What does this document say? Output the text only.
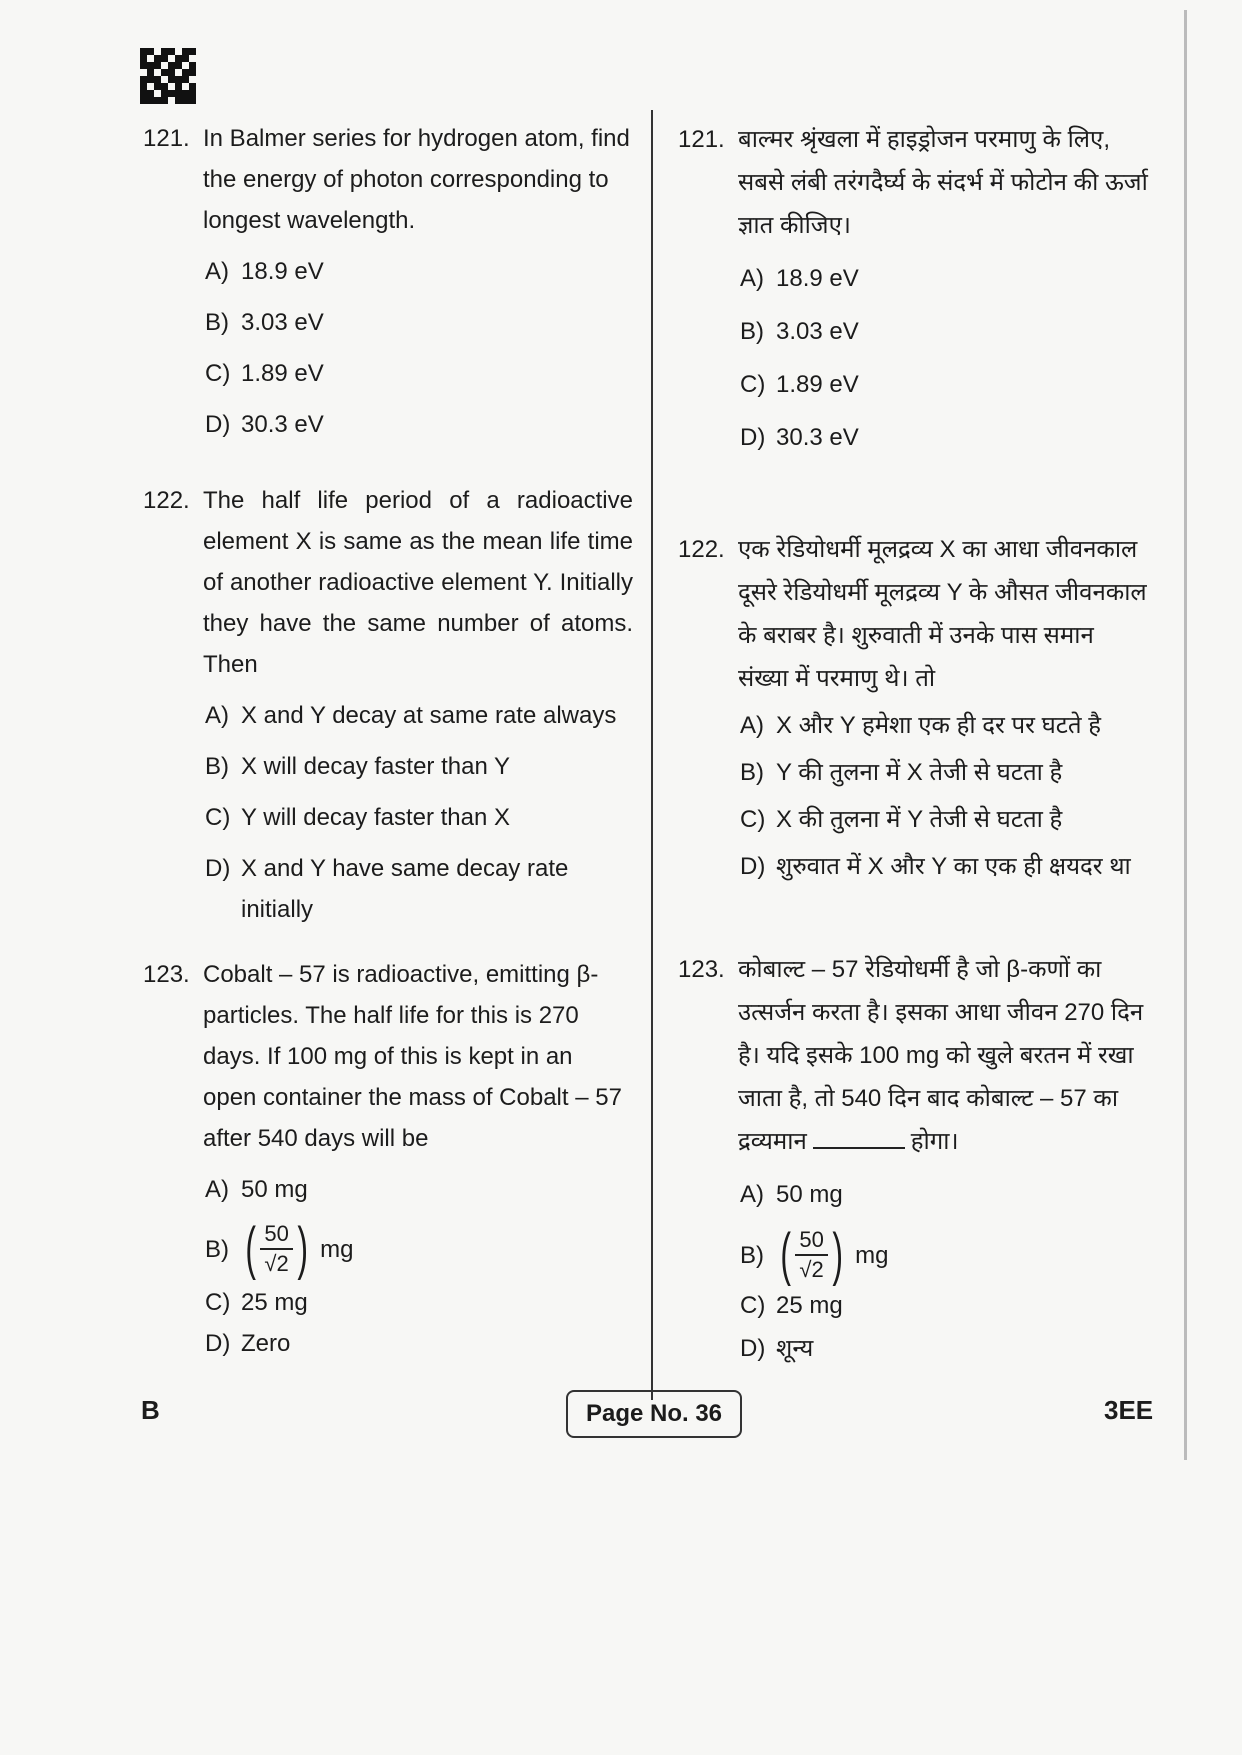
121. In Balmer series for hydrogen atom, find the energy of photon corresponding to longest wavelength.
A) 18.9 eV
B) 3.03 eV
C) 1.89 eV
D) 30.3 eV
122. The half life period of a radioactive element X is same as the mean life time of another radioactive element Y. Initially they have the same number of atoms. Then
A) X and Y decay at same rate always
B) X will decay faster than Y
C) Y will decay faster than X
D) X and Y have same decay rate initially
123. Cobalt – 57 is radioactive, emitting β-particles. The half life for this is 270 days. If 100 mg of this is kept in an open container the mass of Cobalt – 57 after 540 days will be
A) 50 mg
B) ( 50
√2 ) mg
C) 25 mg
D) Zero
121. बाल्मर श्रृंखला में हाइड्रोजन परमाणु के लिए, सबसे लंबी तरंगदैर्घ्य के संदर्भ में फोटोन की ऊर्जा ज्ञात कीजिए।
A) 18.9 eV
B) 3.03 eV
C) 1.89 eV
D) 30.3 eV
122. एक रेडियोधर्मी मूलद्रव्य X का आधा जीवनकाल दूसरे रेडियोधर्मी मूलद्रव्य Y के औसत जीवनकाल के बराबर है। शुरुवाती में उनके पास समान संख्या में परमाणु थे। तो
A) X और Y हमेशा एक ही दर पर घटते है
B) Y की तुलना में X तेजी से घटता है
C) X की तुलना में Y तेजी से घटता है
D) शुरुवात में X और Y का एक ही क्षयदर था
123. कोबाल्ट – 57 रेडियोधर्मी है जो β-कणों का उत्सर्जन करता है। इसका आधा जीवन 270 दिन है। यदि इसके 100 mg को खुले बरतन में रखा जाता है, तो 540 दिन बाद कोबाल्ट – 57 का द्रव्यमान	होगा।
A) 50 mg
B) ( 50
√2 ) mg
C) 25 mg
D) शून्य
B	Page No. 36	3EE
